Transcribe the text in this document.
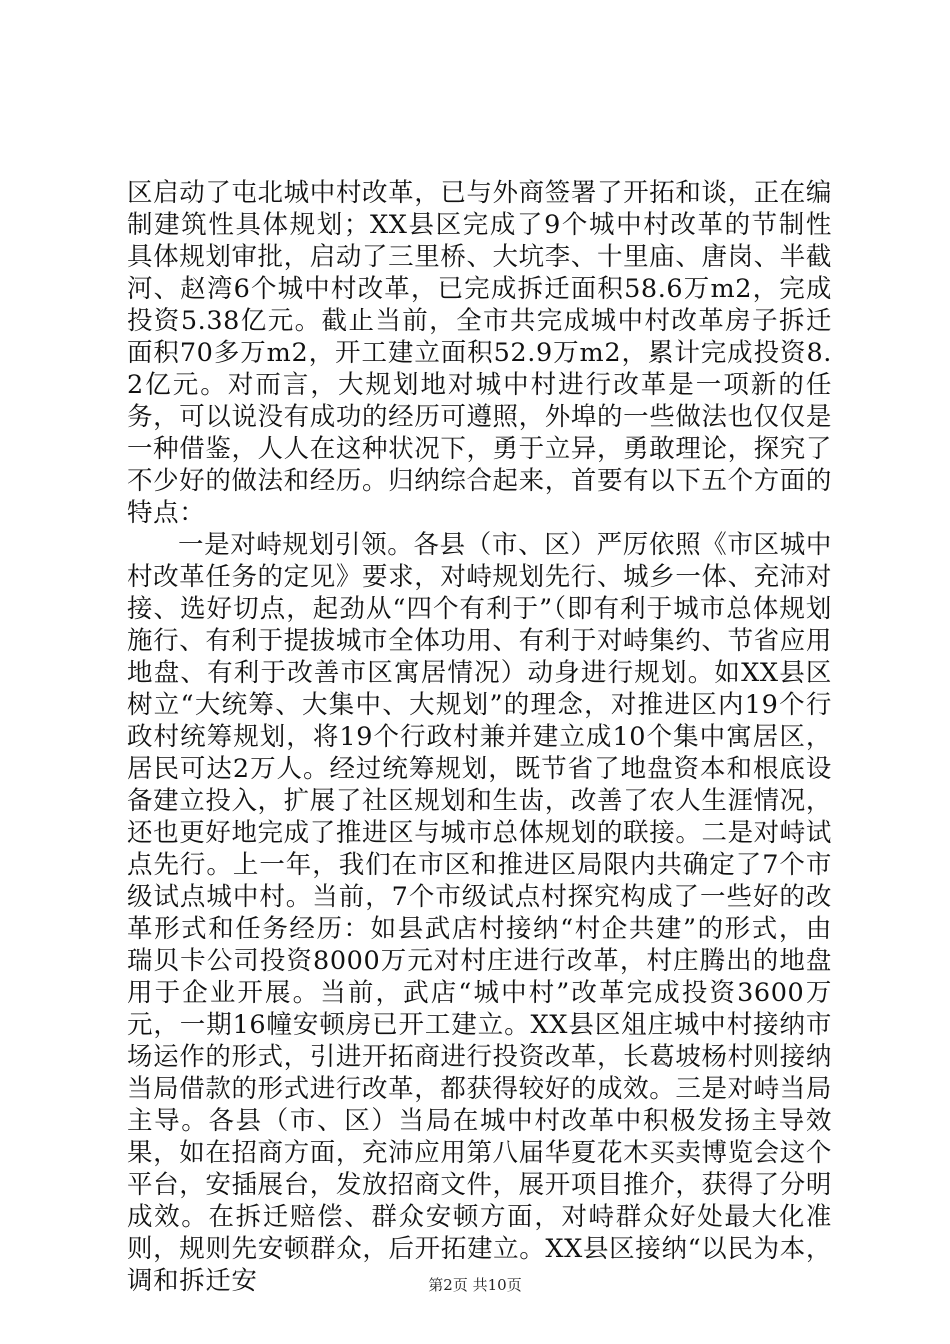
区启动了屯北城中村改革，已与外商签署了开拓和谈，正在编制建筑性具体规划；XX县区完成了9个城中村改革的节制性具体规划审批，启动了三里桥、大坑李、十里庙、唐岗、半截河、赵湾6个城中村改革，已完成拆迁面积58.6万m2，完成投资5.38亿元。截止当前，全市共完成城中村改革房子拆迁面积70多万m2，开工建立面积52.9万m2，累计完成投资8.2亿元。对而言，大规划地对城中村进行改革是一项新的任务，可以说没有成功的经历可遵照，外埠的一些做法也仅仅是一种借鉴，人人在这种状况下，勇于立异，勇敢理论，探究了不少好的做法和经历。归纳综合起来，首要有以下五个方面的特点：

一是对峙规划引领。各县（市、区）严厉依照《市区城中村改革任务的定见》要求，对峙规划先行、城乡一体、充沛对接、选好切点，起劲从“四个有利于”（即有利于城市总体规划施行、有利于提拔城市全体功用、有利于对峙集约、节省应用地盘、有利于改善市区寓居情况）动身进行规划。如XX县区树立“大统筹、大集中、大规划”的理念，对推进区内19个行政村统筹规划，将19个行政村兼并建立成10个集中寓居区，居民可达2万人。经过统筹规划，既节省了地盘资本和根底设备建立投入，扩展了社区规划和生齿，改善了农人生涯情况，还也更好地完成了推进区与城市总体规划的联接。二是对峙试点先行。上一年，我们在市区和推进区局限内共确定了7个市级试点城中村。当前，7个市级试点村探究构成了一些好的改革形式和任务经历：如县武店村接纳“村企共建”的形式，由瑞贝卡公司投资8000万元对村庄进行改革，村庄腾出的地盘用于企业开展。当前，武店“城中村”改革完成投资3600万元，一期16幢安顿房已开工建立。XX县区俎庄城中村接纳市场运作的形式，引进开拓商进行投资改革，长葛坡杨村则接纳当局借款的形式进行改革，都获得较好的成效。三是对峙当局主导。各县（市、区）当局在城中村改革中积极发扬主导效果，如在招商方面，充沛应用第八届华夏花木买卖博览会这个平台，安插展台，发放招商文件，展开项目推介，获得了分明成效。在拆迁赔偿、群众安顿方面，对峙群众好处最大化准则，规则先安顿群众，后开拓建立。XX县区接纳“以民为本，调和拆迁安	第2页 共10页
